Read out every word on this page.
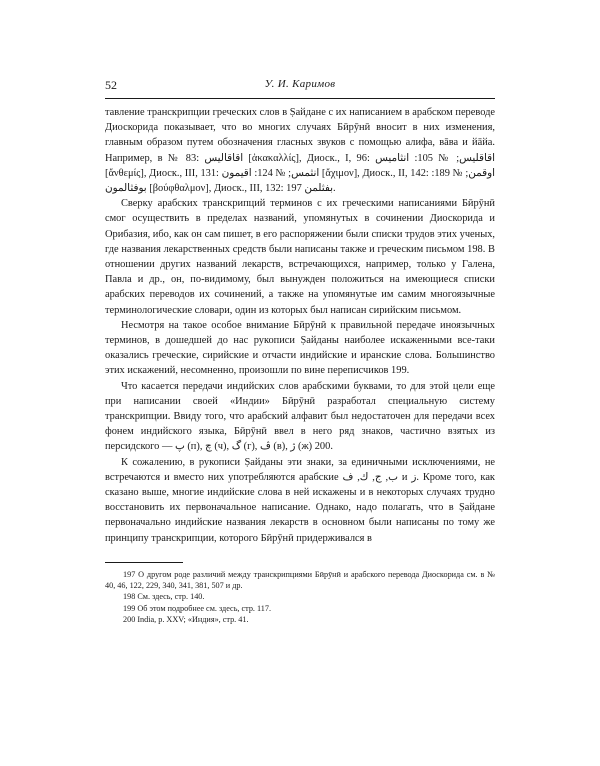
52	У. И. Каримов

тавление транскрипции греческих слов в Ṣайдане с их написанием в арабском переводе Диоскорида показывает, что во многих случаях Бӣрӯнӣ вносит в них изменения, главным образом путем обозначения гласных звуков с помощью алифа, вāва и йāйа. Например, в № 83: اقاقاليس [ἀκακαλλίς], Диоск., I, 96: اقاقليس; № 105: انثاميس [ἄνθεμίς], Диоск., III, 131: انثمس; № 124: اقيمون [ἄχιμον], Диоск., II, 142: اوقمن; № 189: بوفثالمون [βούφθαλμον], Диоск., III, 132: بفثلمن 197.

Сверку арабских транскрипций терминов с их греческими написаниями Бӣрӯнӣ смог осуществить в пределах названий, упомянутых в сочинении Диоскорида и Орибазия, ибо, как он сам пишет, в его распоряжении были списки трудов этих ученых, где названия лекарственных средств были написаны также и греческим письмом 198. В отношении других названий лекарств, встречающихся, например, только у Галена, Павла и др., он, по-видимому, был вынужден положиться на имеющиеся списки арабских переводов их сочинений, а также на упомянутые им самим многоязычные терминологические словари, один из которых был написан сирийским письмом.

Несмотря на такое особое внимание Бӣрӯнӣ к правильной передаче иноязычных терминов, в дошедшей до нас рукописи Ṣайданы наиболее искаженными все-таки оказались греческие, сирийские и отчасти индийские и иранские слова. Большинство этих искажений, несомненно, произошли по вине переписчиков 199.

Что касается передачи индийских слов арабскими буквами, то для этой цели еще при написании своей «Индии» Бӣрӯнӣ разработал специальную систему транскрипции. Ввиду того, что арабский алфавит был недостаточен для передачи всех фонем индийского языка, Бӣрӯнӣ ввел в него ряд знаков, частично взятых из персидского — پ (п), چ (ч), گ (г), ڤ (в), ژ (ж) 200.

К сожалению, в рукописи Ṣайданы эти знаки, за единичными исключениями, не встречаются и вместо них употребляются арабские ب, ج, ك, ف и ز. Кроме того, как сказано выше, многие индийские слова в ней искажены и в некоторых случаях трудно восстановить их первоначальное написание. Однако, надо полагать, что в Ṣайдане первоначально индийские названия лекарств в основном были написаны по тому же принципу транскрипции, которого Бӣрӯнӣ придерживался в

197 О другом роде различий между транскрипциями Бӣрӯнӣ и арабского перевода Диоскорида см. в № 40, 46, 122, 229, 340, 341, 381, 507 и др.

198 См. здесь, стр. 140.

199 Об этом подробнее см. здесь, стр. 117.

200 India, p. XXV; «Индия», стр. 41.
